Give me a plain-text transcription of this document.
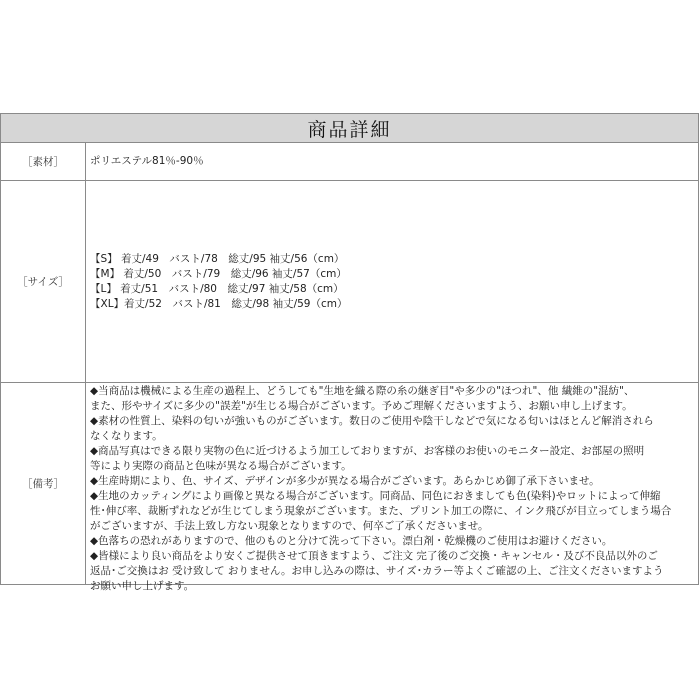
商品詳細
［素材］	ポリエステル81％-90％
［サイズ］
【S】 着丈/49　バスト/78　総丈/95 袖丈/56（cm）
【M】 着丈/50　バスト/79　総丈/96 袖丈/57（cm）
【L】 着丈/51　バスト/80　総丈/97 袖丈/58（cm）
【XL】着丈/52　バスト/81　総丈/98 袖丈/59（cm）
［備考］
◆当商品は機械による生産の過程上、どうしても"生地を織る際の糸の継ぎ目"や多少の"ほつれ"、他 繊維の"混紡"、
また、形やサイズに多少の"誤差"が生じる場合がございます。予めご理解くださいますよう、お願い申し上げます。
◆素材の性質上、染料の匂いが強いものがございます。数日のご使用や陰干しなどで気になる匂いはほとんど解消されら
なくなります。
◆商品写真はできる限り実物の色に近づけるよう加工しておりますが、お客様のお使いのモニター設定、お部屋の照明
等により実際の商品と色味が異なる場合がございます。
◆生産時期により、色、サイズ、デザインが多少が異なる場合がございます。あらかじめ御了承下さいませ。
◆生地のカッティングにより画像と異なる場合がございます。同商品、同色におきましても色(染料)やロットによって伸縮
性･伸び率、裁断ずれなどが生じてしまう現象がございます。また、プリント加工の際に、インク飛びが目立ってしまう場合
がございますが、手法上致し方ない現象となりますので、何卒ご了承くださいませ。
◆色落ちの恐れがありますので、他のものと分けて洗って下さい。漂白剤・乾燥機のご使用はお避けください。
◆皆様により良い商品をより安くご提供させて頂きますよう、ご注文 完了後のご交換・キャンセル・及び不良品以外のご
返品･ご交換はお 受け致して おりません。お申し込みの際は、サイズ･カラー等よくご確認の上、ご注文くださいますよう
お願い申し上げます。
